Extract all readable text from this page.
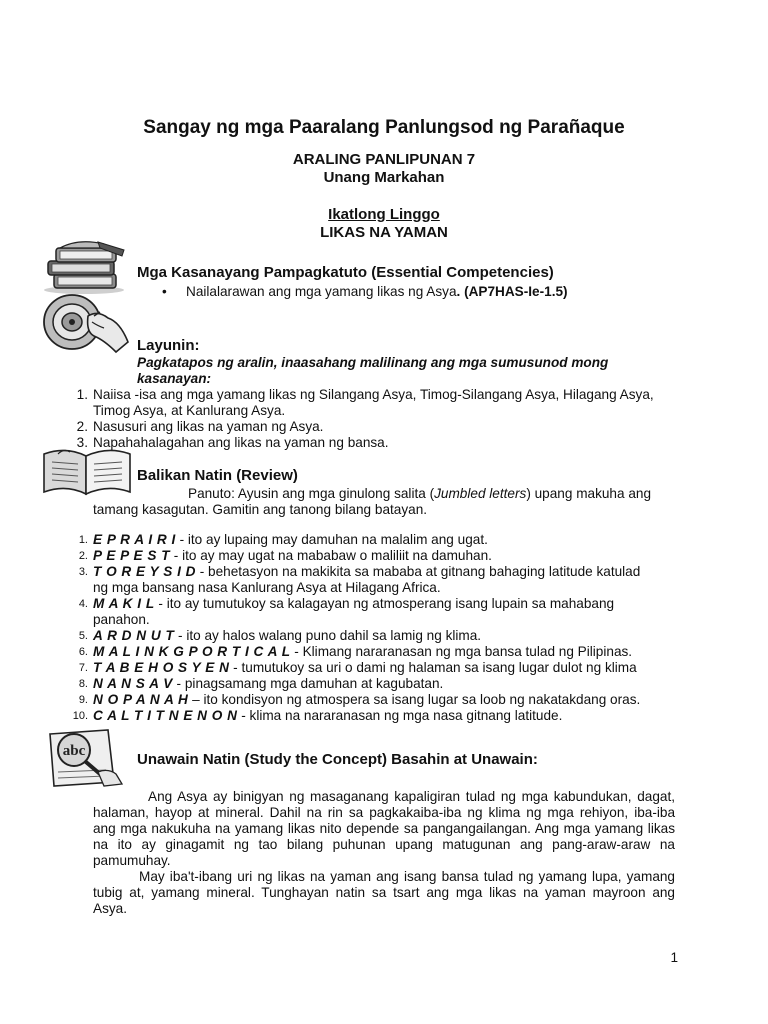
Sangay ng mga Paaralang Panlungsod ng Parañaque
ARALING PANLIPUNAN 7
Unang Markahan
Ikatlong Linggo
LIKAS NA YAMAN
Mga Kasanayang Pampagkatuto (Essential Competencies)
• Nailalarawan ang mga yamang likas ng Asya. (AP7HAS-Ie-1.5)
Layunin:
Pagkatapos ng aralin, inaasahang malilinang ang mga sumusunod mong
kasanayan:
1. Naiisa -isa ang mga yamang likas ng Silangang Asya, Timog-Silangang Asya, Hilagang Asya,
Timog Asya, at Kanlurang Asya.
2. Nasusuri ang likas na yaman ng Asya.
3. Napahahalagahan ang likas na yaman ng bansa.
Balikan Natin (Review)
Panuto: Ayusin ang mga ginulong salita (Jumbled letters) upang makuha ang
tamang kasagutan. Gamitin ang tanong bilang batayan.
1. E P R A I R I - ito ay lupaing may damuhan na malalim ang ugat.
2. P E P E S T - ito ay may ugat na mababaw o maliliit na damuhan.
3. T O R E Y S I D - behetasyon na makikita sa mababa at gitnang bahaging latitude katulad
ng mga bansang nasa Kanlurang Asya at Hilagang Africa.
4. M A K I L - ito ay tumutukoy sa kalagayan ng atmosperang isang lupain sa mahabang
panahon.
5. A R D N U T - ito ay halos walang puno dahil sa lamig ng klima.
6. M A L I N K G P O R T I C A L - Klimang nararanasan ng mga bansa tulad ng Pilipinas.
7. T A B E H O S Y E N - tumutukoy sa uri o dami ng halaman sa isang lugar dulot ng klima
8. N A N S A V - pinagsamang mga damuhan at kagubatan.
9. N O P A N A H – ito kondisyon ng atmospera sa isang lugar sa loob ng nakatakdang oras.
10. C A L T I T N E N O N - klima na nararanasan ng mga nasa gitnang latitude.
abc	Unawain Natin (Study the Concept) Basahin at Unawain:
Ang Asya ay binigyan ng masaganang kapaligiran tulad ng mga kabundukan, dagat,
halaman, hayop at mineral. Dahil na rin sa pagkakaiba-iba ng klima ng mga rehiyon, iba-iba
ang mga nakukuha na yamang likas nito depende sa pangangailangan. Ang mga yamang likas
na ito ay ginagamit ng tao bilang puhunan upang matugunan ang pang-araw-araw na
pamumuhay.
May iba't-ibang uri ng likas na yaman ang isang bansa tulad ng yamang lupa, yamang
tubig at, yamang mineral. Tunghayan natin sa tsart ang mga likas na yaman mayroon ang
Asya.
1
